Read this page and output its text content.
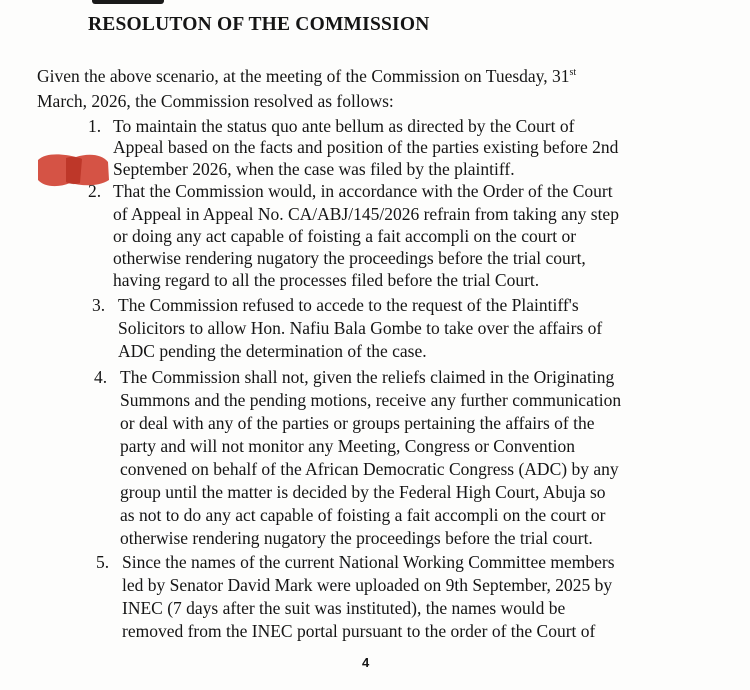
RESOLUTON OF THE COMMISSION
Given the above scenario, at the meeting of the Commission on Tuesday, 31st
March, 2026, the Commission resolved as follows:
1. To maintain the status quo ante bellum as directed by the Court of
Appeal based on the facts and position of the parties existing before 2nd
September 2026, when the case was filed by the plaintiff.
2. That the Commission would, in accordance with the Order of the Court
of Appeal in Appeal No. CA/ABJ/145/2026 refrain from taking any step
or doing any act capable of foisting a fait accompli on the court or
otherwise rendering nugatory the proceedings before the trial court,
having regard to all the processes filed before the trial Court.
3. The Commission refused to accede to the request of the Plaintiff's
Solicitors to allow Hon. Nafiu Bala Gombe to take over the affairs of
ADC pending the determination of the case.
4. The Commission shall not, given the reliefs claimed in the Originating
Summons and the pending motions, receive any further communication
or deal with any of the parties or groups pertaining the affairs of the
party and will not monitor any Meeting, Congress or Convention
convened on behalf of the African Democratic Congress (ADC) by any
group until the matter is decided by the Federal High Court, Abuja so
as not to do any act capable of foisting a fait accompli on the court or
otherwise rendering nugatory the proceedings before the trial court.
5. Since the names of the current National Working Committee members
led by Senator David Mark were uploaded on 9th September, 2025 by
INEC (7 days after the suit was instituted), the names would be
removed from the INEC portal pursuant to the order of the Court of
4
